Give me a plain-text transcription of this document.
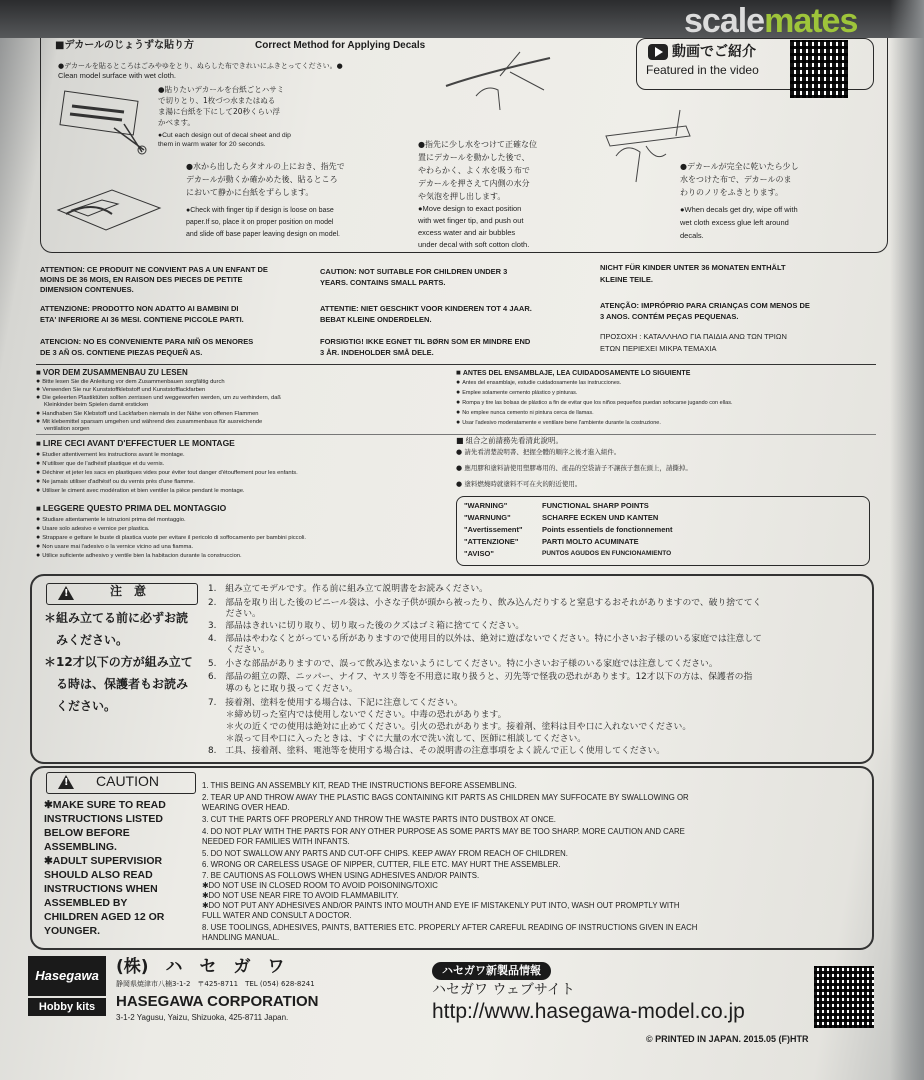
scalemates
■デカールのじょうずな貼り方	Correct Method for Applying Decals	動画でご紹介
Featured in the video
●デカールを貼るところはごみやゆをとり、ぬらした布できれいにふきとってください。●
Clean model surface with wet cloth.
●貼りたいデカールを台紙ごとハサミ
で切りとり、1枚づつ水またはぬる
ま湯に台紙を下にして20秒くらい浮
かべます。
●Cut each design out of decal sheet and dip
them in warm water for 20 seconds.
●水から出したらタオルの上におき、指先で
デカールが動くか確かめた後、貼るところ
において静かに台紙をずらします。
●Check with finger tip if design is loose on base
paper.If so, place it on proper position on model
and slide off base paper leaving design on model.
●指先に少し水をつけて正確な位
置にデカールを動かした後で、
やわらかく、よく水を吸う布で
デカールを押さえて内側の水分
や気泡を押し出します。
●Move design to exact position
with wet finger tip, and push out
excess water and air bubbles
under decal with soft cotton cloth.
●デカールが完全に乾いたら少し
水をつけた布で、デカールのま
わりのノリをふきとります。
●When decals get dry, wipe off with
wet cloth excess glue left around
decals.
ATTENTION: CE PRODUIT NE CONVIENT PAS A UN ENFANT DE
MOINS DE 36 MOIS, EN RAISON DES PIECES DE PETITE
DIMENSION CONTENUES.
CAUTION: NOT SUITABLE FOR CHILDREN UNDER 3
YEARS. CONTAINS SMALL PARTS.
NICHT FÜR KINDER UNTER 36 MONATEN ENTHÄLT
KLEINE TEILE.
ATTENZIONE: PRODOTTO NON ADATTO AI BAMBINI DI
ETA' INFERIORE AI 36 MESI. CONTIENE PICCOLE PARTI.
ATTENTIE: NIET GESCHIKT VOOR KINDEREN TOT 4 JAAR.
BEBAT KLEINE ONDERDELEN.
ATENÇÃO: IMPRÓPRIO PARA CRIANÇAS COM MENOS DE
3 ANOS. CONTÉM PEÇAS PEQUENAS.
ATENCION: NO ES CONVENIENTE PARA NIÑ OS MENORES
DE 3 AÑ OS. CONTIENE PIEZAS PEQUEÑ AS.
FORSIGTIG! IKKE EGNET TIL BØRN SOM ER MINDRE END
3 ÅR. INDEHOLDER SMÅ DELE.
ΠΡΟΣΟΧΗ : ΚΑΤΑΛΛΗΛΟ ΓΙΑ ΠΑΙΔΙΑ ΑΝΩ ΤΩΝ ΤΡΙΩΝ
ΕΤΩΝ ΠΕΡΙΕΧΕΙ ΜΙΚΡΑ ΤΕΜΑΧΙΑ
■ VOR DEM ZUSAMMENBAU ZU LESEN
● Bitte lesen Sie die Anleitung vor dem Zusammenbauen sorgfältig durch
● Verwenden Sie nur Kunststoffklebstoff und Kunststofflackfarben
● Die geleerten Plastiktüten sollten zerrissen und weggeworfen werden, um zu verhindern, daß
Kleinkinder beim Spielen damit ersticken
● Handhaben Sie Klebstoff und Lackfarben niemals in der Nähe von offenen Flammen
● Mit klebemittel sparsam umgehen und während des zusammenbaus für ausreichende
ventilation sorgen
■ ANTES DEL ENSAMBLAJE, LEA CUIDADOSAMENTE LO SIGUIENTE
● Antes del ensamblaje, estudie cuidadosamente las instrucciones.
● Emplee solamente cemento plástico y pinturas.
● Rompa y tire las bolsas de plástico a fin de evitar que los niños pequeños puedan sofocarse jugando con ellas.
● No emplee nunca cemento ni pintura cerca de llamas.
● Usar l'adesivo moderatamente e ventilare bene l'ambiente durante la costruzione.
■ LIRE CECI AVANT D'EFFECTUER LE MONTAGE
● Etudier attentivement les instructions avant le montage.
● N'utiliser que de l'adhésif plastique et du vernis.
● Déchirer et jeter les sacs en plastiques vides pour éviter tout danger d'étouffement pour les enfants.
● Ne jamais utiliser d'adhésif ou du vernis près d'une flamme.
● Utiliser le ciment avec modération et bien ventiler la pièce pendant le montage.
■ 組合之前請務先看清此說明。
● 請先看清楚說明書、把握全體的順序之後才進入組件。
● 應用膠和塗料請使用塑膠專用的、產品的空袋請子不讓孩子想在頭上，請撕掉。
● 塗料燃燒時就塗料不可在火的附近使用。
■ LEGGERE QUESTO PRIMA DEL MONTAGGIO
● Studiare attentamente le istruzioni prima del montaggio.
● Usare solo adesivo e vernice per plastica.
● Strappare e gettare le buste di plastica vuote per evitare il pericolo di soffocamento per bambini piccoli.
● Non usare mai l'adesivo o la vernice vicino ad una fiamma.
● Utilice suficiente adhesivo y ventile bien la habitacion durante la construccion.
"WARNING"	FUNCTIONAL SHARP POINTS
"WARNUNG"	SCHARFE ECKEN UND KANTEN
"Avertissement"	Points essentiels de fonctionnement
"ATTENZIONE"	PARTI MOLTO ACUMINATE
"AVISO"	PUNTOS AGUDOS EN FUNCIONAMIENTO
!
注　意
＊組み立てる前に必ずお読
　みください。
＊12才以下の方が組み立て
　る時は、保護者もお読み
　ください。
1.　組み立てモデルです。作る前に組み立て説明書をお読みください。
2.　部品を取り出した後のビニール袋は、小さな子供が頭から被ったり、飲み込んだりすると窒息するおそれがありますので、破り捨ててく
　　ださい。
3.　部品はきれいに切り取り、切り取った後のクズはゴミ箱に捨ててください。
4.　部品はやわなくとがっている所がありますので使用目的以外は、絶対に遊ばないでください。特に小さいお子様のいる家庭では注意して
　　ください。
5.　小さな部品がありますので、誤って飲み込まないようにしてください。特に小さいお子様のいる家庭では注意してください。
6.　部品の組立の際、ニッパー、ナイフ、ヤスリ等を不用意に取り扱うと、刃先等で怪我の恐れがあります。12才以下の方は、保護者の指
　　導のもとに取り扱ってください。
7.　接着剤、塗料を使用する場合は、下記に注意してください。
　　＊締め切った室内では使用しないでください。中毒の恐れがあります。
　　＊火の近くでの使用は絶対に止めてください。引火の恐れがあります。接着剤、塗料は目や口に入れないでください。
　　＊誤って目や口に入ったときは、すぐに大量の水で洗い流して、医師に相談してください。
8.　工具、接着剤、塗料、電池等を使用する場合は、その説明書の注意事項をよく読んで正しく使用してください。
!
CAUTION
✱MAKE SURE TO READ
INSTRUCTIONS LISTED
BELOW BEFORE
ASSEMBLING.
✱ADULT SUPERVISIOR
SHOULD ALSO READ
INSTRUCTIONS WHEN
ASSEMBLED BY
CHILDREN AGED 12 OR
YOUNGER.
1. THIS BEING AN ASSEMBLY KIT, READ THE INSTRUCTIONS BEFORE ASSEMBLING.
2. TEAR UP AND THROW AWAY THE PLASTIC BAGS CONTAINING KIT PARTS AS CHILDREN MAY SUFFOCATE BY SWALLOWING OR
WEARING OVER HEAD.
3. CUT THE PARTS OFF PROPERLY AND THROW THE WASTE PARTS INTO DUSTBOX AT ONCE.
4. DO NOT PLAY WITH THE PARTS FOR ANY OTHER PURPOSE AS SOME PARTS MAY BE TOO SHARP. MORE CAUTION AND CARE
NEEDED FOR FAMILIES WITH INFANTS.
5. DO NOT SWALLOW ANY PARTS AND CUT-OFF CHIPS. KEEP AWAY FROM REACH OF CHILDREN.
6. WRONG OR CARELESS USAGE OF NIPPER, CUTTER, FILE ETC. MAY HURT THE ASSEMBLER.
7. BE CAUTIONS AS FOLLOWS WHEN USING ADHESIVES AND/OR PAINTS.
✱DO NOT USE IN CLOSED ROOM TO AVOID POISONING/TOXIC
✱DO NOT USE NEAR FIRE TO AVOID FLAMMABILITY.
✱DO NOT PUT ANY ADHESIVES AND/OR PAINTS INTO MOUTH AND EYE IF MISTAKENLY PUT INTO, WASH OUT PROMPTLY WITH
FULL WATER AND CONSULT A DOCTOR.
8. USE TOOLINGS, ADHESIVES, PAINTS, BATTERIES ETC. PROPERLY AFTER CAREFUL READING OF INSTRUCTIONS GIVEN IN EACH
HANDLING MANUAL.
Hasegawa
Hobby kits
(株)　ハ　セ　ガ　ワ
静岡県焼津市八楠3-1-2　〒425-8711　TEL (054) 628-8241
HASEGAWA CORPORATION
3-1-2 Yagusu, Yaizu, Shizuoka, 425-8711 Japan.
ハセガワ新製品情報
ハセガワ ウェブサイト
http://www.hasegawa-model.co.jp
© PRINTED IN JAPAN. 2015.05 (F)HTR
